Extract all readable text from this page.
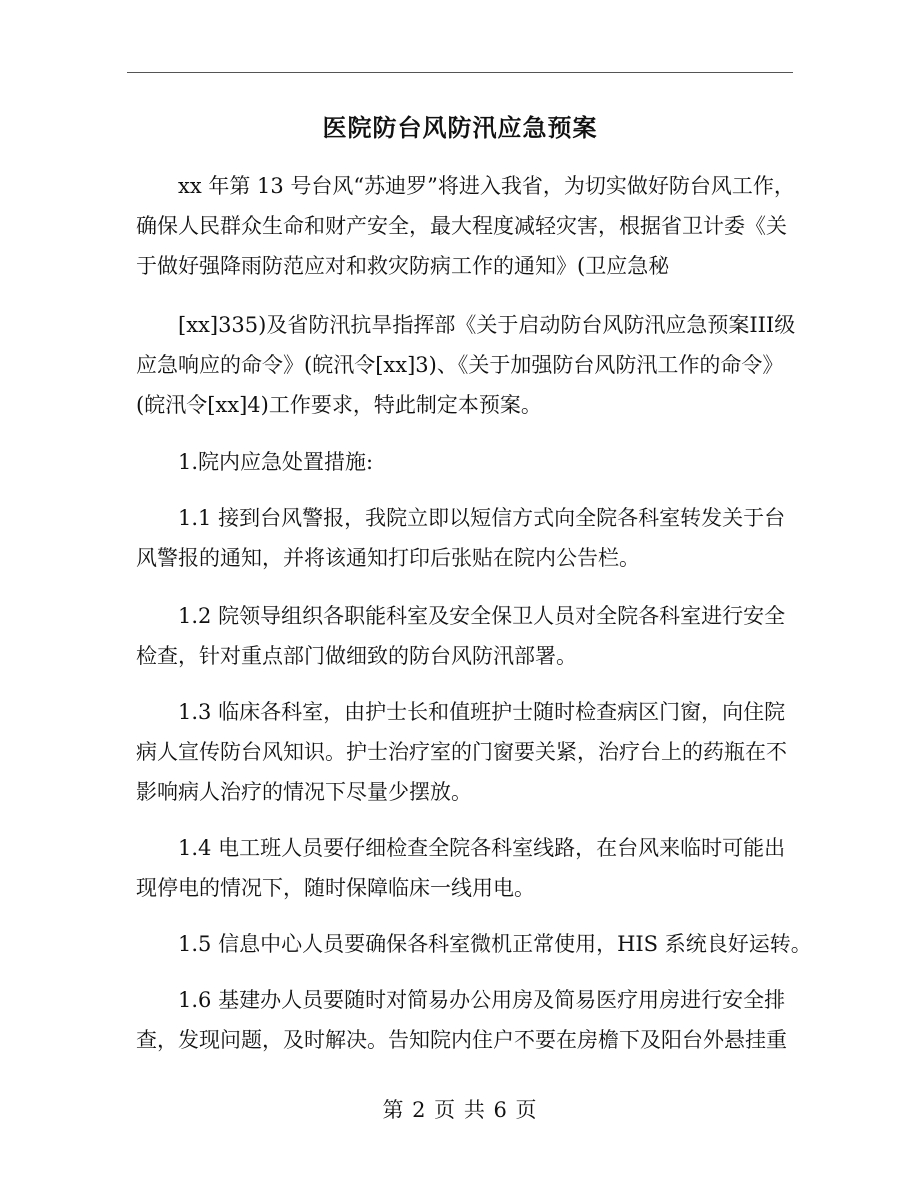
医院防台风防汛应急预案
xx 年第 13 号台风“苏迪罗”将进入我省，为切实做好防台风工作，
确保人民群众生命和财产安全，最大程度减轻灾害，根据省卫计委《关
于做好强降雨防范应对和救灾防病工作的通知》(卫应急秘
[xx]335)及省防汛抗旱指挥部《关于启动防台风防汛应急预案III级
应急响应的命令》(皖汛令[xx]3)、《关于加强防台风防汛工作的命令》
(皖汛令[xx]4)工作要求，特此制定本预案。
1.院内应急处置措施:
1.1 接到台风警报，我院立即以短信方式向全院各科室转发关于台
风警报的通知，并将该通知打印后张贴在院内公告栏。
1.2 院领导组织各职能科室及安全保卫人员对全院各科室进行安全
检查，针对重点部门做细致的防台风防汛部署。
1.3 临床各科室，由护士长和值班护士随时检查病区门窗，向住院
病人宣传防台风知识。护士治疗室的门窗要关紧，治疗台上的药瓶在不
影响病人治疗的情况下尽量少摆放。
1.4 电工班人员要仔细检查全院各科室线路，在台风来临时可能出
现停电的情况下，随时保障临床一线用电。
1.5 信息中心人员要确保各科室微机正常使用，HIS 系统良好运转。
1.6 基建办人员要随时对简易办公用房及简易医疗用房进行安全排
查，发现问题，及时解决。告知院内住户不要在房檐下及阳台外悬挂重
第 2 页 共 6 页
